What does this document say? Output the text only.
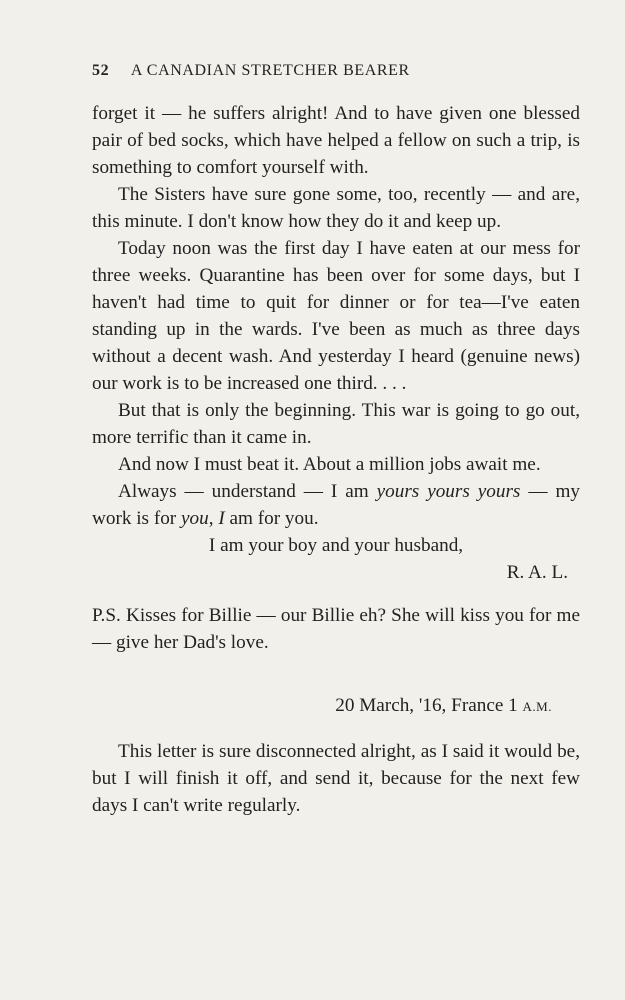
52 A CANADIAN STRETCHER BEARER

forget it — he suffers alright! And to have given one blessed pair of bed socks, which have helped a fellow on such a trip, is something to comfort yourself with.

The Sisters have sure gone some, too, recently — and are, this minute. I don't know how they do it and keep up.

Today noon was the first day I have eaten at our mess for three weeks. Quarantine has been over for some days, but I haven't had time to quit for dinner or for tea—I've eaten standing up in the wards. I've been as much as three days without a decent wash. And yesterday I heard (genuine news) our work is to be increased one third. . . .

But that is only the beginning. This war is going to go out, more terrific than it came in.

And now I must beat it. About a million jobs await me.

Always — understand — I am yours yours yours — my work is for you, I am for you.

I am your boy and your husband,

R. A. L.

P.S. Kisses for Billie — our Billie eh? She will kiss you for me — give her Dad's love.

20 March, '16, France 1 A.M.

This letter is sure disconnected alright, as I said it would be, but I will finish it off, and send it, because for the next few days I can't write regularly.
